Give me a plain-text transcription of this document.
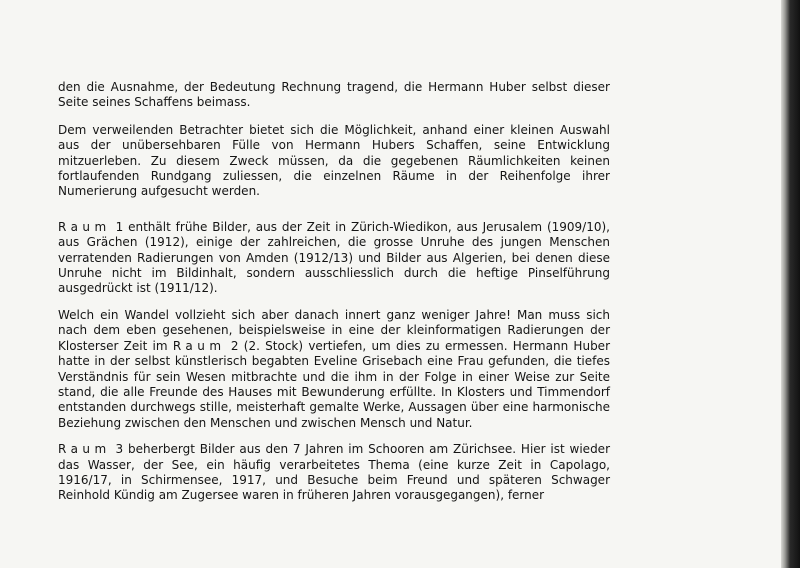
den die Ausnahme, der Bedeutung Rechnung tragend, die Hermann Huber selbst dieser Seite seines Schaffens beimass.

Dem verweilenden Betrachter bietet sich die Möglichkeit, anhand einer kleinen Auswahl aus der unübersehbaren Fülle von Hermann Hubers Schaffen, seine Entwicklung mitzuerleben. Zu diesem Zweck müssen, da die gegebenen Räumlichkeiten keinen fortlaufenden Rundgang zuliessen, die einzelnen Räume in der Reihenfolge ihrer Numerierung aufgesucht werden.

Raum 1 enthält frühe Bilder, aus der Zeit in Zürich-Wiedikon, aus Jerusalem (1909/10), aus Grächen (1912), einige der zahlreichen, die grosse Unruhe des jungen Menschen verratenden Radierungen von Amden (1912/13) und Bilder aus Algerien, bei denen diese Unruhe nicht im Bildinhalt, sondern ausschliesslich durch die heftige Pinselführung ausgedrückt ist (1911/12).

Welch ein Wandel vollzieht sich aber danach innert ganz weniger Jahre! Man muss sich nach dem eben gesehenen, beispielsweise in eine der kleinformatigen Radierungen der Klosterser Zeit im Raum 2 (2. Stock) vertiefen, um dies zu ermessen. Hermann Huber hatte in der selbst künstlerisch begabten Eveline Grisebach eine Frau gefunden, die tiefes Verständnis für sein Wesen mitbrachte und die ihm in der Folge in einer Weise zur Seite stand, die alle Freunde des Hauses mit Bewunderung erfüllte. In Klosters und Timmendorf entstanden durchwegs stille, meisterhaft gemalte Werke, Aussagen über eine harmonische Beziehung zwischen den Menschen und zwischen Mensch und Natur.

Raum 3 beherbergt Bilder aus den 7 Jahren im Schooren am Zürichsee. Hier ist wieder das Wasser, der See, ein häufig verarbeitetes Thema (eine kurze Zeit in Capolago, 1916/17, in Schirmensee, 1917, und Besuche beim Freund und späteren Schwager Reinhold Kündig am Zugersee waren in früheren Jahren vorausgegangen), ferner
